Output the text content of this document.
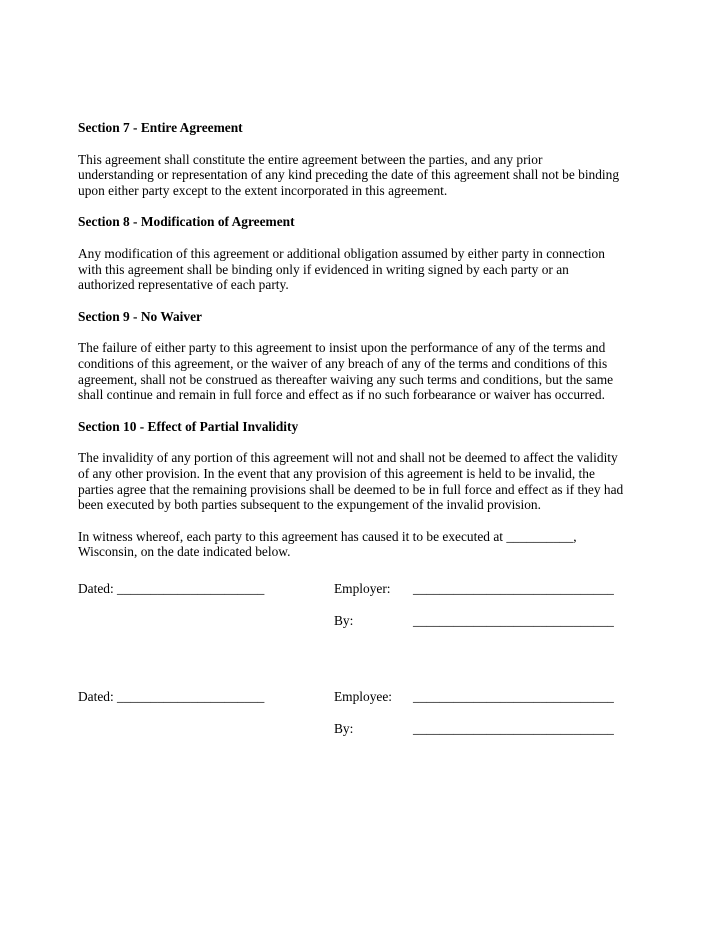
Section 7 - Entire Agreement

This agreement shall constitute the entire agreement between the parties, and any prior
understanding or representation of any kind preceding the date of this agreement shall not be binding
upon either party except to the extent incorporated in this agreement.

Section 8 - Modification of Agreement

Any modification of this agreement or additional obligation assumed by either party in connection
with this agreement shall be binding only if evidenced in writing signed by each party or an
authorized representative of each party.

Section 9 - No Waiver

The failure of either party to this agreement to insist upon the performance of any of the terms and
conditions of this agreement, or the waiver of any breach of any of the terms and conditions of this
agreement, shall not be construed as thereafter waiving any such terms and conditions, but the same
shall continue and remain in full force and effect as if no such forbearance or waiver has occurred.

Section 10 - Effect of Partial Invalidity

The invalidity of any portion of this agreement will not and shall not be deemed to affect the validity
of any other provision. In the event that any provision of this agreement is held to be invalid, the
parties agree that the remaining provisions shall be deemed to be in full force and effect as if they had
been executed by both parties subsequent to the expungement of the invalid provision.

In witness whereof, each party to this agreement has caused it to be executed at __________,
Wisconsin, on the date indicated below.

Dated: ______________________	Employer: ______________________________
By:	______________________________
Dated: ______________________	Employee: ______________________________
By:	______________________________
